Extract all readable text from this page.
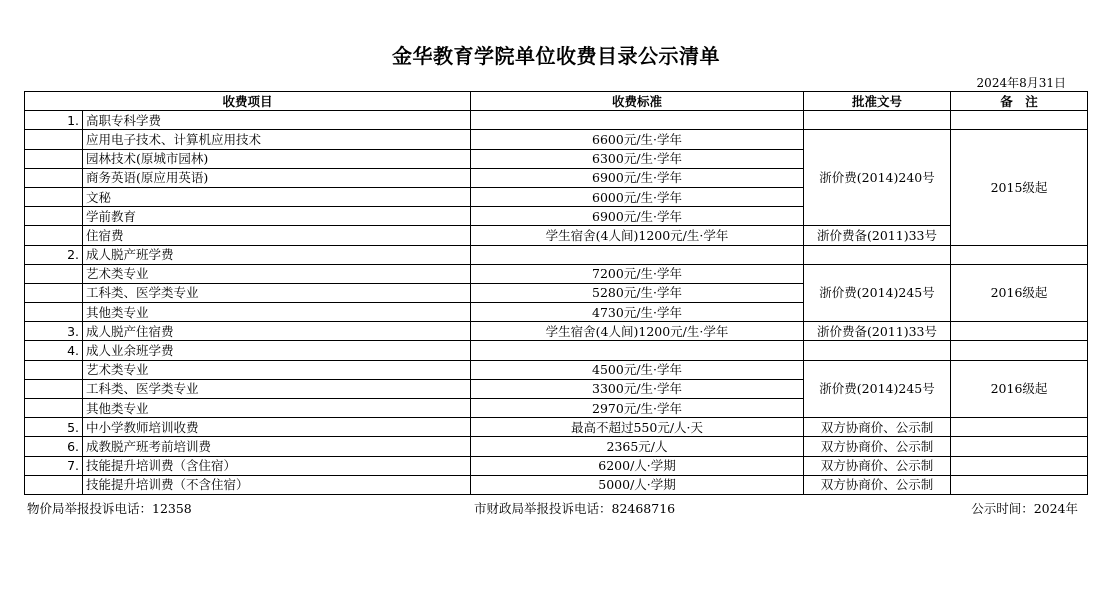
金华教育学院单位收费目录公示清单
2024年8月31日
收费项目		收费标准	批准文号	备　注
1.	高职专科学费			
	应用电子技术、计算机应用技术	6600元/生·学年	浙价费(2014)240号	2015级起
	园林技术(原城市园林)	6300元/生·学年		
	商务英语(原应用英语)	6900元/生·学年		
	文秘	6000元/生·学年		
	学前教育	6900元/生·学年		
	住宿费	学生宿舍(4人间)1200元/生·学年	浙价费备(2011)33号	
2.	成人脱产班学费			
	艺术类专业	7200元/生·学年	浙价费(2014)245号	2016级起
	工科类、医学类专业	5280元/生·学年		
	其他类专业	4730元/生·学年		
3.	成人脱产住宿费	学生宿舍(4人间)1200元/生·学年	浙价费备(2011)33号	
4.	成人业余班学费			
	艺术类专业	4500元/生·学年	浙价费(2014)245号	2016级起
	工科类、医学类专业	3300元/生·学年		
	其他类专业	2970元/生·学年		
5.	中小学教师培训收费	最高不超过550元/人·天	双方协商价、公示制	
6.	成教脱产班考前培训费	2365元/人	双方协商价、公示制	
7.	技能提升培训费（含住宿）	6200/人·学期	双方协商价、公示制	
	技能提升培训费（不含住宿）	5000/人·学期	双方协商价、公示制	
物价局举报投诉电话：12358	市财政局举报投诉电话：82468716	公示时间：2024年
